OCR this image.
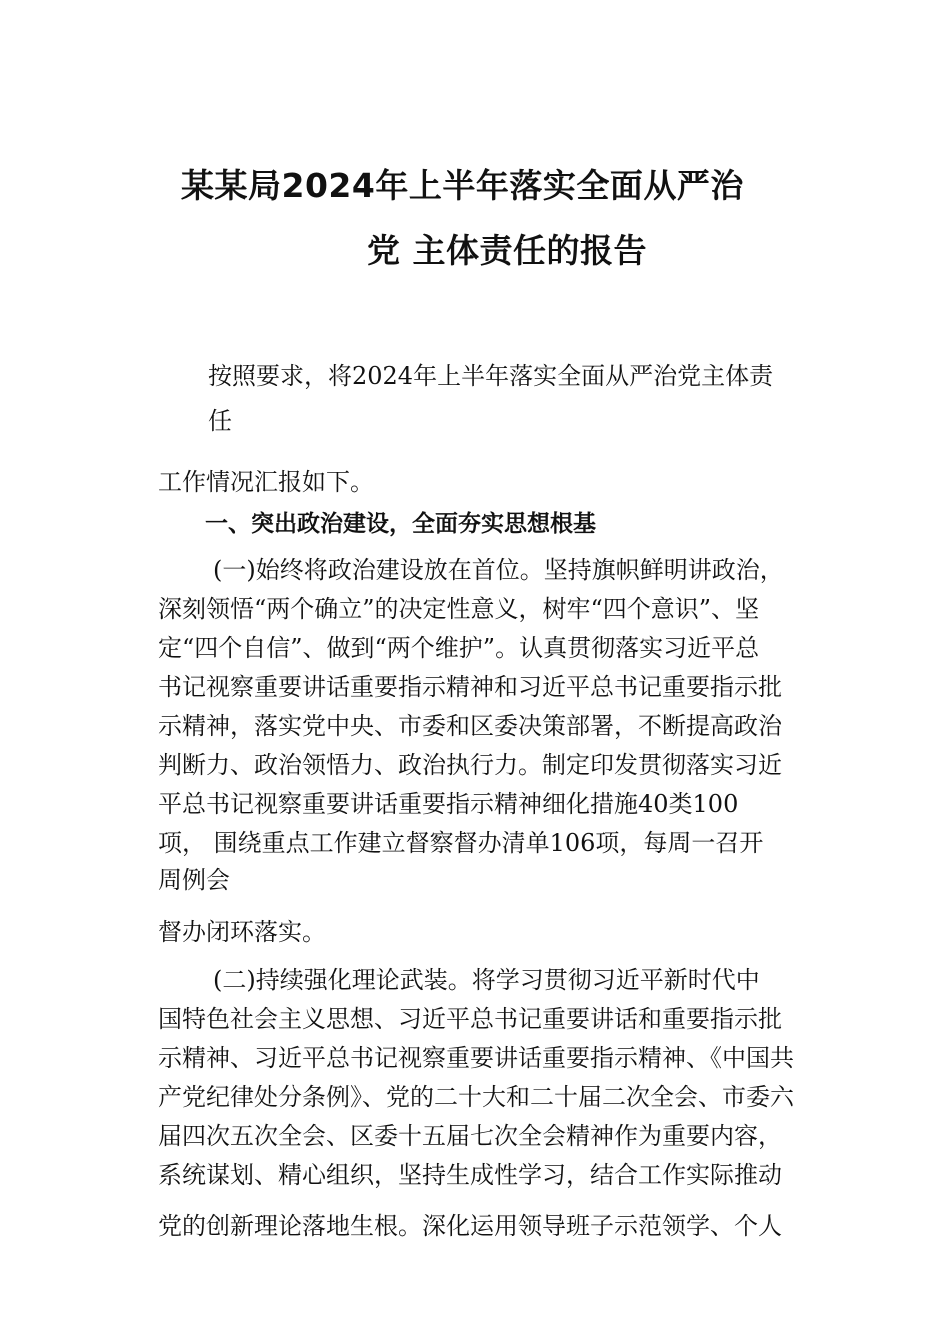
某某局2024年上半年落实全面从严治
党 主体责任的报告
按照要求，将2024年上半年落实全面从严治党主体责
任
工作情况汇报如下。
一、突出政治建设，全面夯实思想根基
(一)始终将政治建设放在首位。坚持旗帜鲜明讲政治，
深刻领悟“两个确立”的决定性意义，树牢“四个意识”、坚
定“四个自信”、做到“两个维护”。认真贯彻落实习近平总
书记视察重要讲话重要指示精神和习近平总书记重要指示批
示精神，落实党中央、市委和区委决策部署，不断提高政治
判断力、政治领悟力、政治执行力。制定印发贯彻落实习近
平总书记视察重要讲话重要指示精神细化措施40类100
项， 围绕重点工作建立督察督办清单106项，每周一召开
周例会
督办闭环落实。
(二)持续强化理论武装。将学习贯彻习近平新时代中
国特色社会主义思想、习近平总书记重要讲话和重要指示批
示精神、习近平总书记视察重要讲话重要指示精神、《中国共
产党纪律处分条例》、党的二十大和二十届二次全会、市委六
届四次五次全会、区委十五届七次全会精神作为重要内容，
系统谋划、精心组织，坚持生成性学习，结合工作实际推动
党的创新理论落地生根。深化运用领导班子示范领学、个人
